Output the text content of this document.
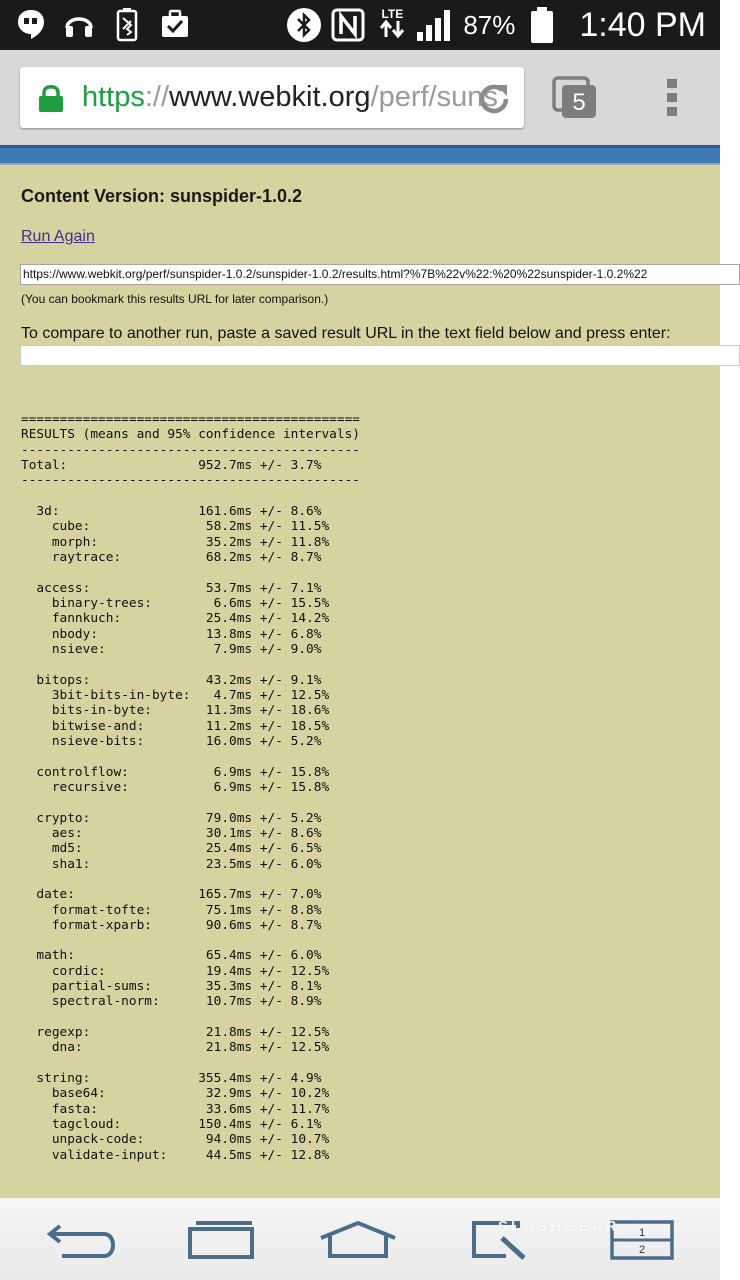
LTE 87% 1:40 PM
https://www.webkit.org/perf/suns	5
Content Version: sunspider-1.0.2
Run Again
https://www.webkit.org/perf/sunspider-1.0.2/sunspider-1.0.2/results.html?%7B%22v%22:%20%22sunspider-1.0.2%22
(You can bookmark this results URL for later comparison.)
To compare to another run, paste a saved result URL in the text field below and press enter:
============================================
RESULTS (means and 95% confidence intervals)
--------------------------------------------
Total:                 952.7ms +/- 3.7%
--------------------------------------------

3d:                  161.6ms +/- 8.6%
cube:               58.2ms +/- 11.5%
morph:              35.2ms +/- 11.8%
raytrace:           68.2ms +/- 8.7%

access:               53.7ms +/- 7.1%
binary-trees:        6.6ms +/- 15.5%
fannkuch:           25.4ms +/- 14.2%
nbody:              13.8ms +/- 6.8%
nsieve:              7.9ms +/- 9.0%

bitops:               43.2ms +/- 9.1%
3bit-bits-in-byte:   4.7ms +/- 12.5%
bits-in-byte:       11.3ms +/- 18.6%
bitwise-and:        11.2ms +/- 18.5%
nsieve-bits:        16.0ms +/- 5.2%

controlflow:           6.9ms +/- 15.8%
recursive:           6.9ms +/- 15.8%

crypto:               79.0ms +/- 5.2%
aes:                30.1ms +/- 8.6%
md5:                25.4ms +/- 6.5%
sha1:               23.5ms +/- 6.0%

date:                165.7ms +/- 7.0%
format-tofte:       75.1ms +/- 8.8%
format-xparb:       90.6ms +/- 8.7%

math:                 65.4ms +/- 6.0%
cordic:             19.4ms +/- 12.5%
partial-sums:       35.3ms +/- 8.1%
spectral-norm:      10.7ms +/- 8.9%

regexp:               21.8ms +/- 12.5%
dna:                21.8ms +/- 12.5%

string:              355.4ms +/- 4.9%
base64:             32.9ms +/- 10.2%
fasta:              33.6ms +/- 11.7%
tagcloud:          150.4ms +/- 6.1%
unpack-code:        94.0ms +/- 10.7%
validate-input:     44.5ms +/- 12.8%
1
2
SLASHGEAR
